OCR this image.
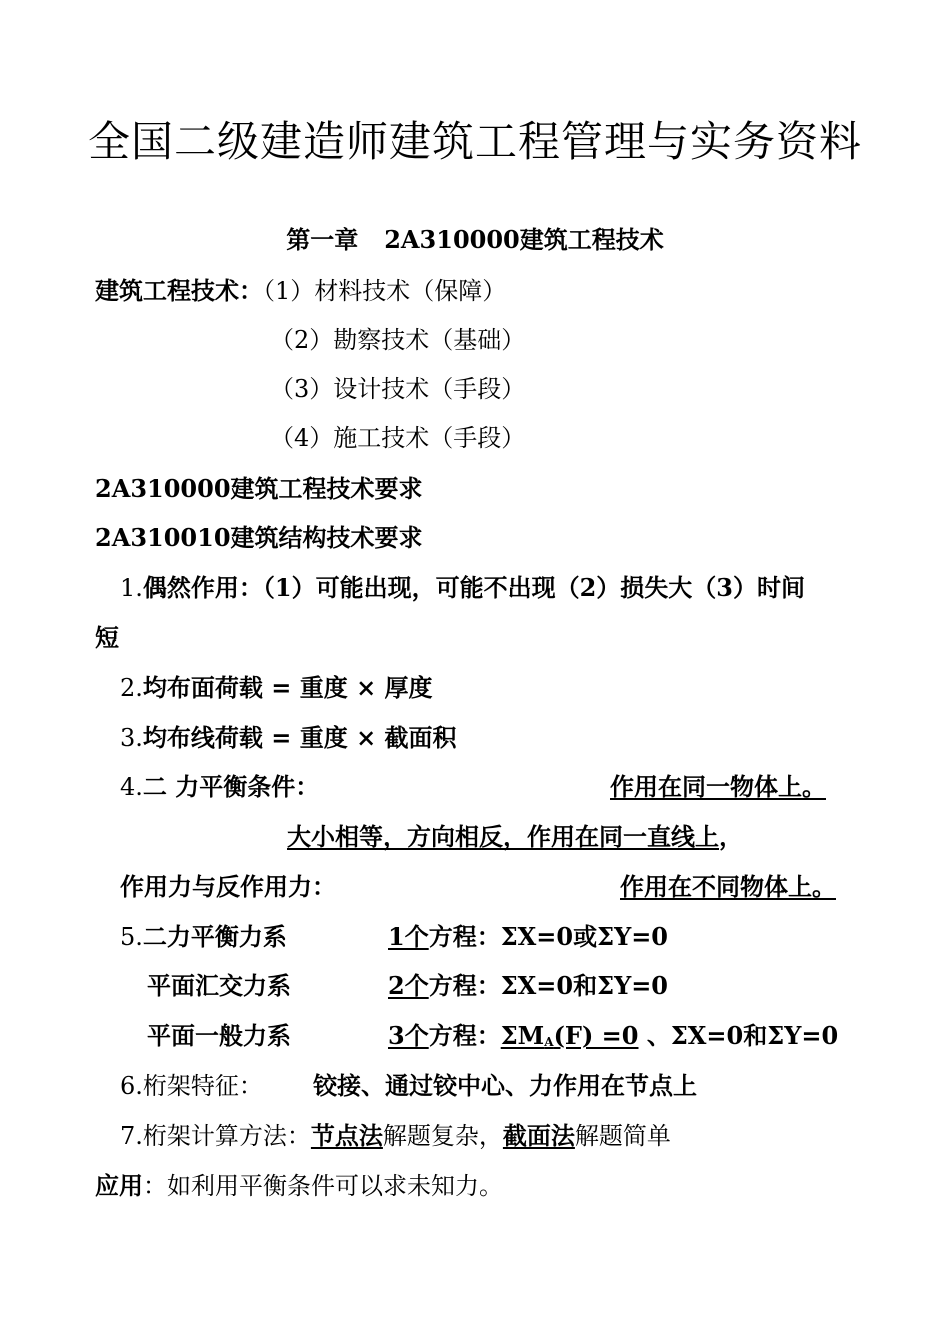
全国二级建造师建筑工程管理与实务资料
第一章 2A310000建筑工程技术
建筑工程技术：（1）材料技术（保障）
（2）勘察技术（基础）
（3）设计技术（手段）
（4）施工技术（手段）
2A310000建筑工程技术要求
2A310010建筑结构技术要求
1.偶然作用：（1）可能出现，可能不出现（2）损失大（3）时间
短
2.均布面荷载 = 重度 × 厚度
3.均布线荷载 = 重度 × 截面积
4.二 力平衡条件：	作用在同一物体上。
大小相等，方向相反，作用在同一直线上，
作用力与反作用力：	作用在不同物体上。
5.二力平衡力系	1个方程：ΣX=0或ΣY=0
平面汇交力系	2个方程：ΣX=0和ΣY=0
平面一般力系	3个方程：$\Sigma M_A(F) =0$ 、ΣX=0和ΣY=0
6.桁架特征： 铰接、通过铰中心、力作用在节点上
7.桁架计算方法：节点法解题复杂，截面法解题简单
应用：如利用平衡条件可以求未知力。
